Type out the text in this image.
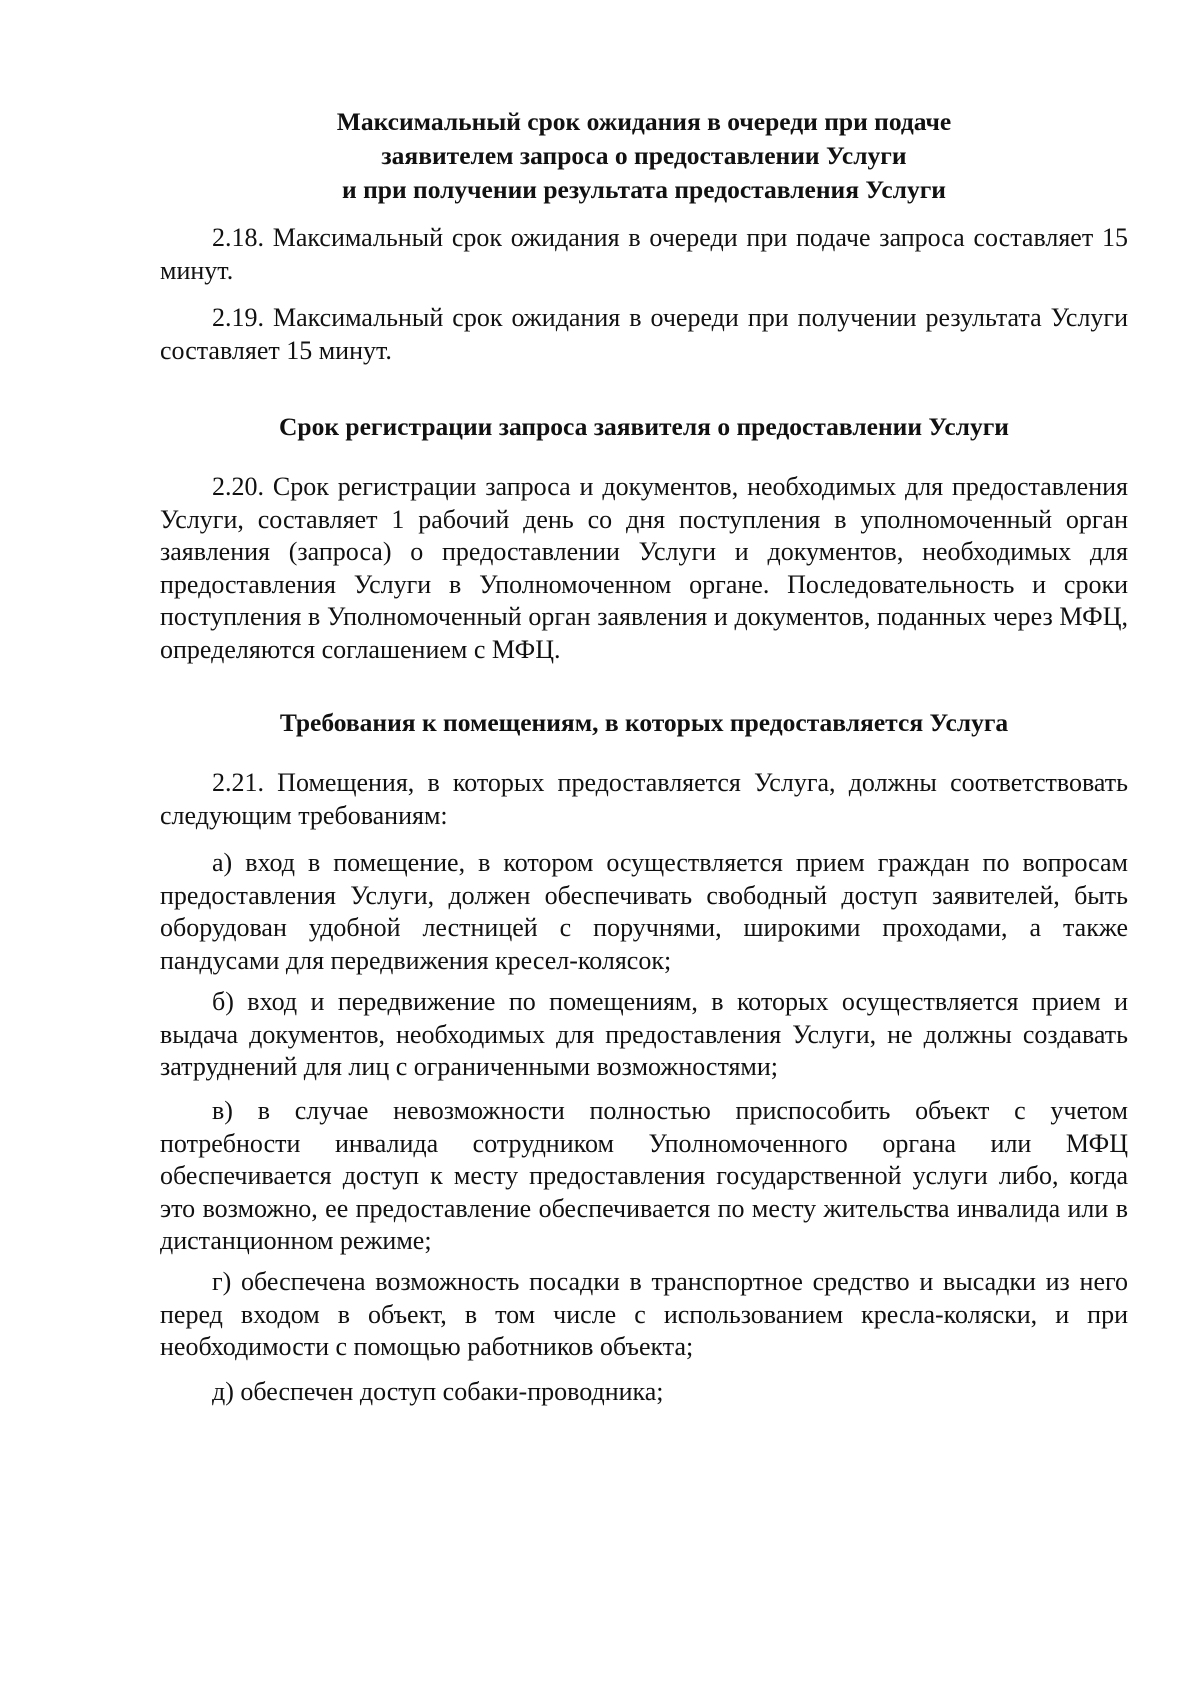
Максимальный срок ожидания в очереди при подаче
заявителем запроса о предоставлении Услуги
и при получении результата предоставления Услуги

2.18. Максимальный срок ожидания в очереди при подаче запроса составляет 15 минут.

2.19. Максимальный срок ожидания в очереди при получении результата Услуги составляет 15 минут.

Срок регистрации запроса заявителя о предоставлении Услуги

2.20. Срок регистрации запроса и документов, необходимых для предоставления Услуги, составляет 1 рабочий день со дня поступления в уполномоченный орган заявления (запроса) о предоставлении Услуги и документов, необходимых для предоставления Услуги в Уполномоченном органе. Последовательность и сроки поступления в Уполномоченный орган заявления и документов, поданных через МФЦ, определяются соглашением с МФЦ.

Требования к помещениям, в которых предоставляется Услуга

2.21. Помещения, в которых предоставляется Услуга, должны соответствовать следующим требованиям:

а) вход в помещение, в котором осуществляется прием граждан по вопросам предоставления Услуги, должен обеспечивать свободный доступ заявителей, быть оборудован удобной лестницей с поручнями, широкими проходами, а также пандусами для передвижения кресел-колясок;

б) вход и передвижение по помещениям, в которых осуществляется прием и выдача документов, необходимых для предоставления Услуги, не должны создавать затруднений для лиц с ограниченными возможностями;

в) в случае невозможности полностью приспособить объект с учетом потребности инвалида сотрудником Уполномоченного органа или МФЦ обеспечивается доступ к месту предоставления государственной услуги либо, когда это возможно, ее предоставление обеспечивается по месту жительства инвалида или в дистанционном режиме;

г) обеспечена возможность посадки в транспортное средство и высадки из него перед входом в объект, в том числе с использованием кресла-коляски, и при необходимости с помощью работников объекта;

д) обеспечен доступ собаки-проводника;
